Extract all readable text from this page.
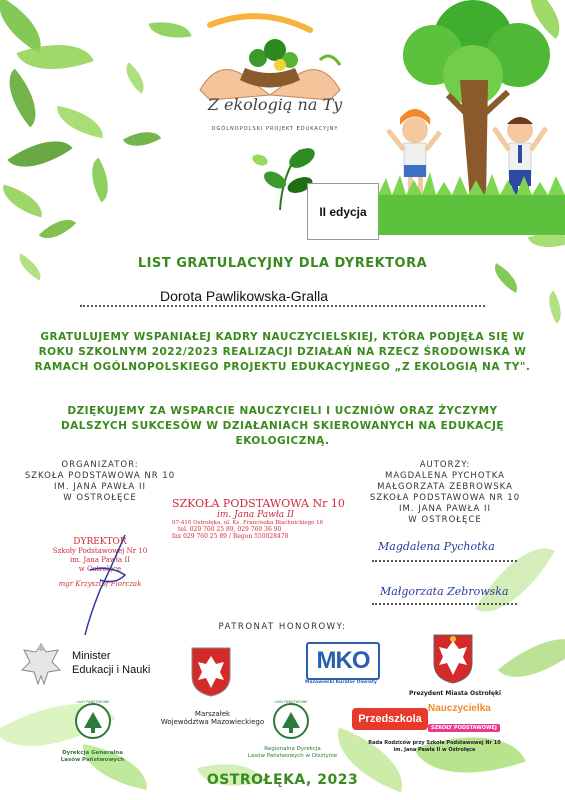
Z ekologią na Ty
OGÓLNOPOLSKI PROJEKT EDUKACYJNY
II edycja
LIST GRATULACYJNY DLA DYREKTORA
Dorota Pawlikowska-Gralla
GRATULUJEMY WSPANIAŁEJ KADRY NAUCZYCIELSKIEJ, KTÓRA PODJĘŁA SIĘ W ROKU SZKOLNYM 2022/2023 REALIZACJI DZIAŁAŃ NA RZECZ ŚRODOWISKA W RAMACH OGÓLNOPOLSKIEGO PROJEKTU EDUKACYJNEGO „Z EKOLOGIĄ NA TY".
DZIĘKUJEMY ZA WSPARCIE NAUCZYCIELI I UCZNIÓW ORAZ ŻYCZYMY DALSZYCH SUKCESÓW W DZIAŁANIACH SKIEROWANYCH NA EDUKACJĘ EKOLOGICZNĄ.
ORGANIZATOR:
SZKOŁA PODSTAWOWA NR 10
IM. JANA PAWŁA II
W OSTROŁĘCE
AUTORZY:
MAGDALENA PYCHOTKA
MAŁGORZATA ZEBROWSKA
SZKOŁA PODSTAWOWA NR 10
IM. JANA PAWŁA II
W OSTROŁĘCE
SZKOŁA PODSTAWOWA Nr 10
im. Jana Pawła II
07-410 Ostrołęka, ul. Ks. Franciszka Blachnickiego 16
tel. 029 760 25 89, 029 760 36 90
fax 029 760 25 89 / Regon 550028478
DYREKTOR
Szkoły Podstawowej Nr 10
im. Jana Pawła II
w Ostrołęce
mgr Krzysztof Florczak
Magdalena Pychotka
Małgorzata Zebrowska
PATRONAT HONOROWY:
Minister
Edukacji i Nauki
Marszałek
Województwa Mazowieckiego
MKO
Mazowiecki Kurator Oświaty
Prezydent Miasta Ostrołęki
LASY PAŃSTWOWE
Dyrekcja Generalna
Lasów Państwowych
LASY PAŃSTWOWE
Regionalna Dyrekcja
Lasów Państwowych w Olsztynie
Przedszkola
Nauczycielka
SZKOŁY PODSTAWOWEJ
Rada Rodziców przy Szkole Podstawowej Nr 10
im. Jana Pawła II w Ostrołęce
OSTROŁĘKA, 2023
